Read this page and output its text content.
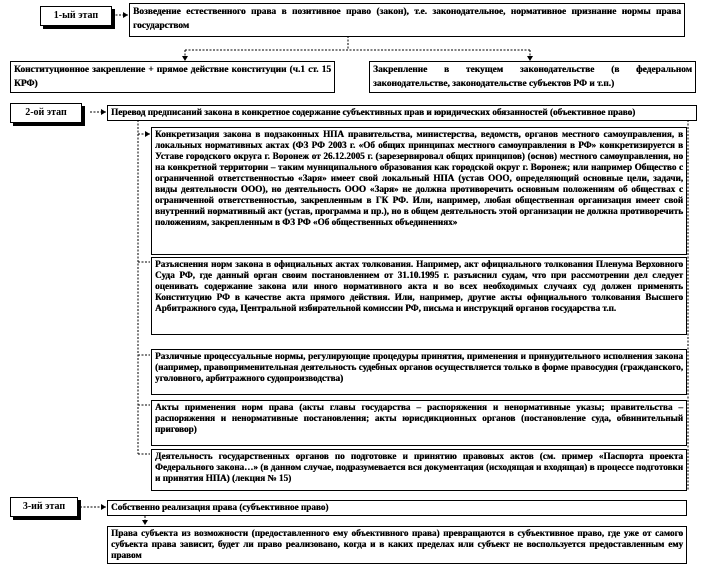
1-ый этап	Возведение естественного права в позитивное право (закон), т.е. законодательное, нормативное признание нормы права государством
Конституционное закрепление + прямое действие конституции (ч.1 ст. 15 КРФ)
Закрепление в текущем законодательстве (в федеральном законодательстве, законодательстве субъектов РФ и т.п.)
2-ой этап	Перевод предписаний закона в конкретное содержание субъективных прав и юридических обязанностей (объективное право)
Конкретизация закона в подзаконных НПА правительства, министерства, ведомств, органов местного самоуправления, в локальных нормативных актах (ФЗ РФ 2003 г. «Об общих принципах местного самоуправления в РФ» конкретизируется в Уставе городского округа г. Воронеж от 26.12.2005 г. (зарезервировал общих принципов) (основ) местного самоуправления, но на конкретной территории – таким муниципального образования как городской округ г. Воронеж; или например Общество с ограниченной ответственностью «Заря» имеет свой локальный НПА (устав ООО, определяющий основные цели, задачи, виды деятельности ООО), но деятельность ООО «Заря» не должна противоречить основным положениям об обществах с ограниченной ответственностью, закрепленным в ГК РФ. Или, например, любая общественная организация имеет свой внутренний нормативный акт (устав, программа и пр.), но в общем деятельность этой организации не должна противоречить положениям, закрепленным в ФЗ РФ «Об общественных объединениях»
Разъяснения норм закона в официальных актах толкования. Например, акт официального толкования Пленума Верховного Суда РФ, где данный орган своим постановлением от 31.10.1995 г. разъяснил судам, что при рассмотрении дел следует оценивать содержание закона или иного нормативного акта и во всех необходимых случаях суд должен применять Конституцию РФ в качестве акта прямого действия. Или, например, другие акты официального толкования Высшего Арбитражного суда, Центральной избирательной комиссии РФ, письма и инструкций органов государства т.п.
Различные процессуальные нормы, регулирующие процедуры принятия, применения и принудительного исполнения закона (например, правоприменительная деятельность судебных органов осуществляется только в форме правосудия (гражданского, уголовного, арбитражного судопроизводства)
Акты применения норм права (акты главы государства – распоряжения и ненормативные указы; правительства – распоряжения и ненормативные постановления; акты юрисдикционных органов (постановление суда, обвинительный приговор)
Деятельность государственных органов по подготовке и принятию правовых актов (см. пример «Паспорта проекта Федерального закона…» (в данном случае, подразумевается вся документация (исходящая и входящая) в процессе подготовки и принятия НПА) (лекция № 15)
3-ий этап	Собственно реализация права (субъективное право)
Права субъекта из возможности (предоставленного ему объективного права) превращаются в субъективное право, где уже от самого субъекта права зависит, будет ли право реализовано, когда и в каких пределах или субъект не воспользуется предоставленным ему правом
